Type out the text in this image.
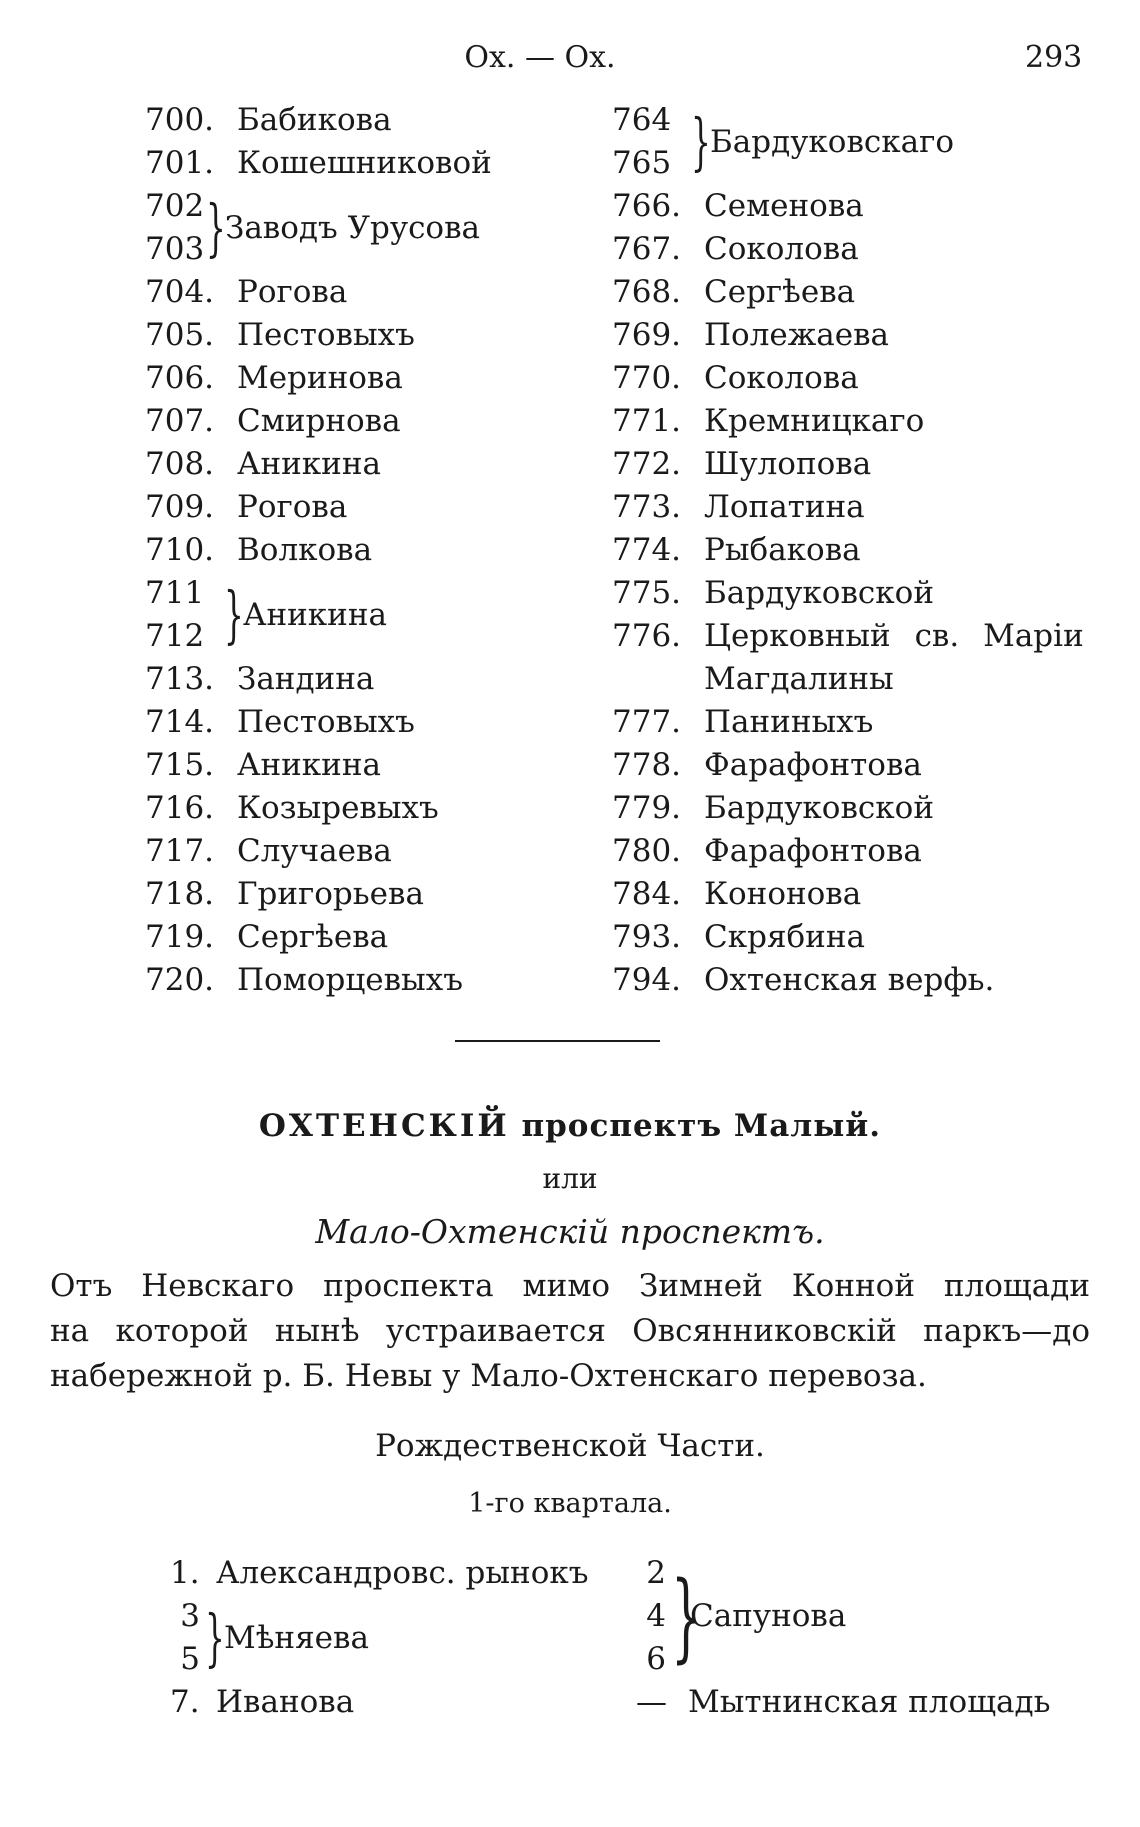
Ох. — Ох.	293
700. Бабикова
701. Кошешниковой
702
703 } Заводъ Урусова
704. Рогова
705. Пестовыхъ
706. Меринова
707. Смирнова
708. Аникина
709. Рогова
710. Волкова
711
712 } Аникина
713. Зандина
714. Пестовыхъ
715. Аникина
716. Козыревыхъ
717. Случаева
718. Григорьева
719. Сергѣева
720. Поморцевыхъ
764
765 } Бардуковскаго
766. Семенова
767. Соколова
768. Сергѣева
769. Полежаева
770. Соколова
771. Кремницкаго
772. Шулопова
773. Лопатина
774. Рыбакова
775. Бардуковской
776. Церковный св. Маріи
Магдалины
777. Паниныхъ
778. Фарафонтова
779. Бардуковской
780. Фарафонтова
784. Кононова
793. Скрябина
794. Охтенская верфь.
ОХТЕНСКІЙ проспектъ Малый.
или
Мало-Охтенскій проспектъ.
Отъ Невскаго проспекта мимо Зимней Конной площади
на которой нынѣ устраивается Овсянниковскій паркъ—до
набережной р. Б. Невы у Мало-Охтенскаго перевоза.
Рождественской Части.
1-го квартала.
1. Александровс. рынокъ
3
5 } Мѣняева
7. Иванова
2
4
6 }
Сапунова
— Мытнинская площадь
